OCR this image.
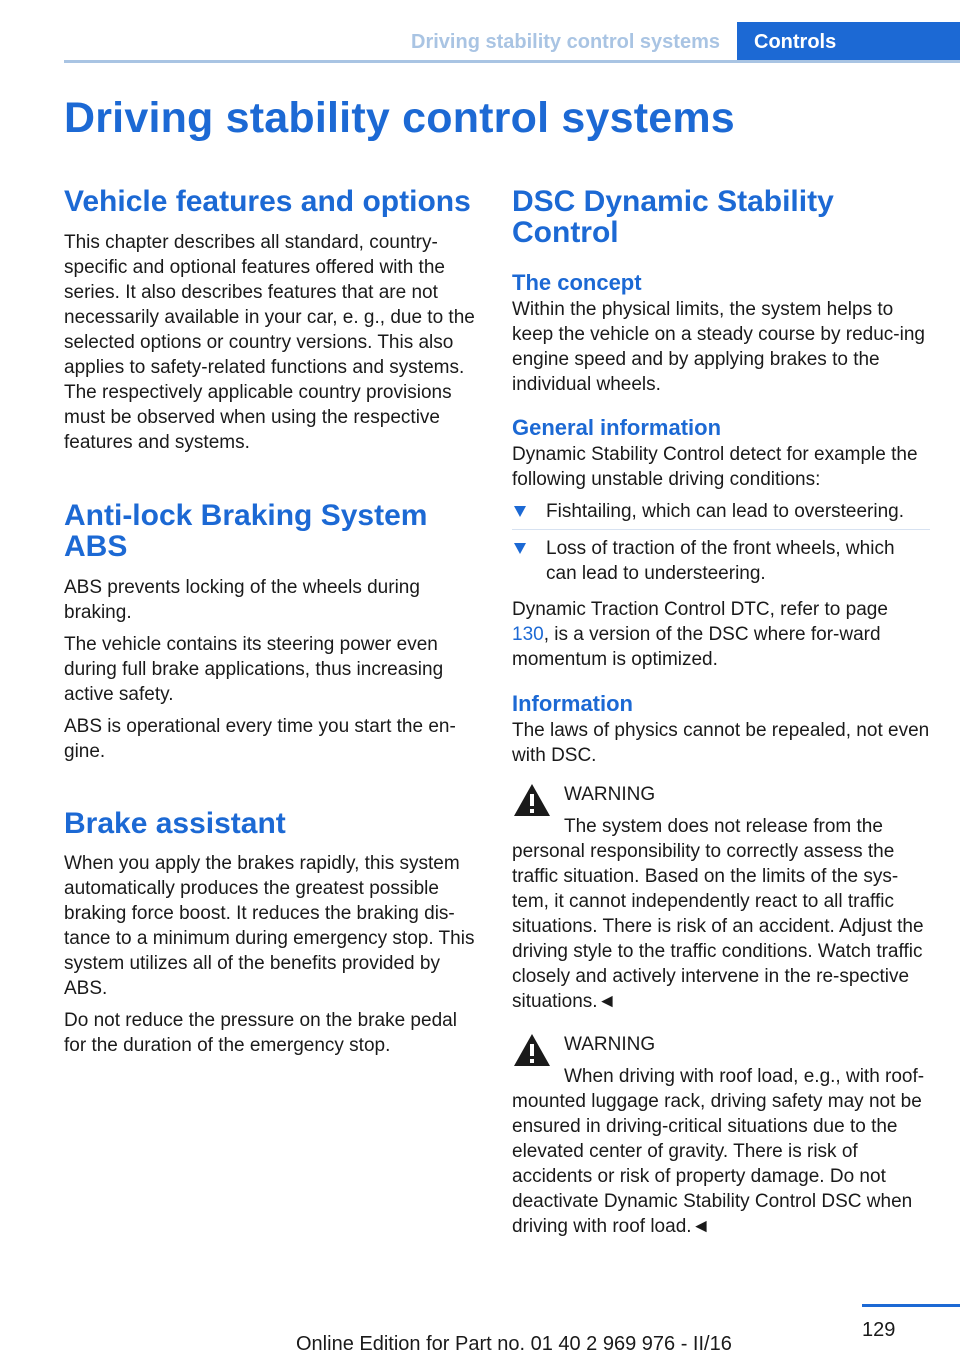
Driving stability control systems Controls
Driving stability control systems
Vehicle features and options

This chapter describes all standard, country-specific and optional features offered with the series. It also describes features that are not necessarily available in your car, e. g., due to the selected options or country versions. This also applies to safety-related functions and systems. The respectively applicable country provisions must be observed when using the respective features and systems.

Anti-lock Braking System ABS

ABS prevents locking of the wheels during braking.

The vehicle contains its steering power even during full brake applications, thus increasing active safety.

ABS is operational every time you start the en-gine.

Brake assistant

When you apply the brakes rapidly, this system automatically produces the greatest possible braking force boost. It reduces the braking dis-tance to a minimum during emergency stop. This system utilizes all of the benefits provided by ABS.

Do not reduce the pressure on the brake pedal for the duration of the emergency stop.

DSC Dynamic Stability Control
The concept

Within the physical limits, the system helps to keep the vehicle on a steady course by reduc-ing engine speed and by applying brakes to the individual wheels.

General information

Dynamic Stability Control detect for example the following unstable driving conditions:

Fishtailing, which can lead to oversteering.
Loss of traction of the front wheels, which can lead to understeering.

Dynamic Traction Control DTC, refer to page 130, is a version of the DSC where for-ward momentum is optimized.

Information

The laws of physics cannot be repealed, not even with DSC.

WARNING

The system does not release from the personal responsibility to correctly assess the traffic situation. Based on the limits of the sys-tem, it cannot independently react to all traffic situations. There is risk of an accident. Adjust the driving style to the traffic conditions. Watch traffic closely and actively intervene in the re-spective situations.◄

WARNING

When driving with roof load, e.g., with roof-mounted luggage rack, driving safety may not be ensured in driving-critical situations due to the elevated center of gravity. There is risk of accidents or risk of property damage. Do not deactivate Dynamic Stability Control DSC when driving with roof load.◄

129
Online Edition for Part no. 01 40 2 969 976 - II/16
